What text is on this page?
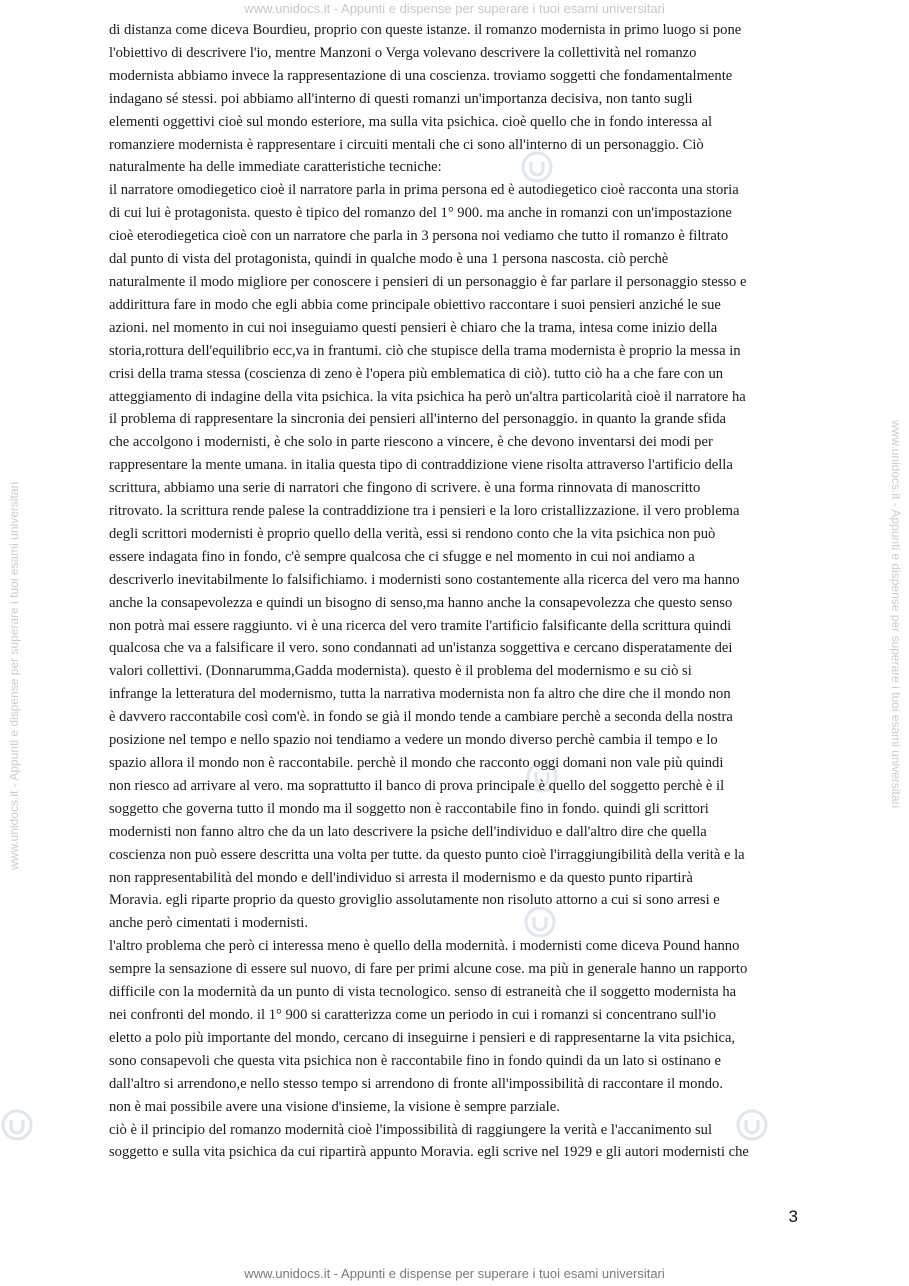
www.unidocs.it - Appunti e dispense per superare i tuoi esami universitari
www.unidocs.it - Appunti e dispense per superare i tuoi esami universitari	www.unidocs.it - Appunti e dispense per superare i tuoi esami universitari

di distanza come diceva Bourdieu, proprio con queste istanze. il romanzo modernista in primo luogo si pone
l'obiettivo di descrivere l'io, mentre Manzoni o Verga volevano descrivere la collettività nel romanzo
modernista abbiamo invece la rappresentazione di una coscienza. troviamo soggetti che fondamentalmente
indagano sé stessi. poi abbiamo all'interno di questi romanzi un'importanza decisiva, non tanto sugli
elementi oggettivi cioè sul mondo esteriore, ma sulla vita psichica. cioè quello che in fondo interessa al
romanziere modernista è rappresentare i circuiti mentali che ci sono all'interno di un personaggio. Ciò
naturalmente ha delle immediate caratteristiche tecniche:

il narratore omodiegetico cioè il narratore parla in prima persona ed è autodiegetico cioè racconta una storia
di cui lui è protagonista. questo è tipico del romanzo del 1° 900. ma anche in romanzi con un'impostazione
cioè eterodiegetica cioè con un narratore che parla in 3 persona noi vediamo che tutto il romanzo è filtrato
dal punto di vista del protagonista, quindi in qualche modo è una 1 persona nascosta. ciò perchè
naturalmente il modo migliore per conoscere i pensieri di un personaggio è far parlare il personaggio stesso e
addirittura fare in modo che egli abbia come principale obiettivo raccontare i suoi pensieri anziché le sue
azioni. nel momento in cui noi inseguiamo questi pensieri è chiaro che la trama, intesa come inizio della
storia,rottura dell'equilibrio ecc,va in frantumi. ciò che stupisce della trama modernista è proprio la messa in
crisi della trama stessa (coscienza di zeno è l'opera più emblematica di ciò). tutto ciò ha a che fare con un
atteggiamento di indagine della vita psichica. la vita psichica ha però un'altra particolarità cioè il narratore ha
il problema di rappresentare la sincronia dei pensieri all'interno del personaggio. in quanto la grande sfida
che accolgono i modernisti, è che solo in parte riescono a vincere, è che devono inventarsi dei modi per
rappresentare la mente umana. in italia questa tipo di contraddizione viene risolta attraverso l'artificio della
scrittura, abbiamo una serie di narratori che fingono di scrivere. è una forma rinnovata di manoscritto
ritrovato. la scrittura rende palese la contraddizione tra i pensieri e la loro cristallizzazione. il vero problema
degli scrittori modernisti è proprio quello della verità, essi si rendono conto che la vita psichica non può
essere indagata fino in fondo, c'è sempre qualcosa che ci sfugge e nel momento in cui noi andiamo a
descriverlo inevitabilmente lo falsifichiamo. i modernisti sono costantemente alla ricerca del vero ma hanno
anche la consapevolezza e quindi un bisogno di senso,ma hanno anche la consapevolezza che questo senso
non potrà mai essere raggiunto. vi è una ricerca del vero tramite l'artificio falsificante della scrittura quindi
qualcosa che va a falsificare il vero. sono condannati ad un'istanza soggettiva e cercano disperatamente dei
valori collettivi. (Donnarumma,Gadda modernista). questo è il problema del modernismo e su ciò si
infrange la letteratura del modernismo, tutta la narrativa modernista non fa altro che dire che il mondo non
è davvero raccontabile così com'è. in fondo se già il mondo tende a cambiare perchè a seconda della nostra
posizione nel tempo e nello spazio noi tendiamo a vedere un mondo diverso perchè cambia il tempo e lo
spazio allora il mondo non è raccontabile. perchè il mondo che racconto oggi domani non vale più quindi
non riesco ad arrivare al vero. ma soprattutto il banco di prova principale è quello del soggetto perchè è il
soggetto che governa tutto il mondo ma il soggetto non è raccontabile fino in fondo. quindi gli scrittori
modernisti non fanno altro che da un lato descrivere la psiche dell'individuo e dall'altro dire che quella
coscienza non può essere descritta una volta per tutte. da questo punto cioè l'irraggiungibilità della verità e la
non rappresentabilità del mondo e dell'individuo si arresta il modernismo e da questo punto ripartirà
Moravia. egli riparte proprio da questo groviglio assolutamente non risoluto attorno a cui si sono arresi e
anche però cimentati i modernisti.

l'altro problema che però ci interessa meno è quello della modernità. i modernisti come diceva Pound hanno
sempre la sensazione di essere sul nuovo, di fare per primi alcune cose. ma più in generale hanno un rapporto
difficile con la modernità da un punto di vista tecnologico. senso di estraneità che il soggetto modernista ha
nei confronti del mondo. il 1° 900 si caratterizza come un periodo in cui i romanzi si concentrano sull'io
eletto a polo più importante del mondo, cercano di inseguirne i pensieri e di rappresentarne la vita psichica,
sono consapevoli che questa vita psichica non è raccontabile fino in fondo quindi da un lato si ostinano e
dall'altro si arrendono,e nello stesso tempo si arrendono di fronte all'impossibilità di raccontare il mondo.
non è mai possibile avere una visione d'insieme, la visione è sempre parziale.

ciò è il principio del romanzo modernità cioè l'impossibilità di raggiungere la verità e l'accanimento sul
soggetto e sulla vita psichica da cui ripartirà appunto Moravia. egli scrive nel 1929 e gli autori modernisti che

3
www.unidocs.it - Appunti e dispense per superare i tuoi esami universitari
